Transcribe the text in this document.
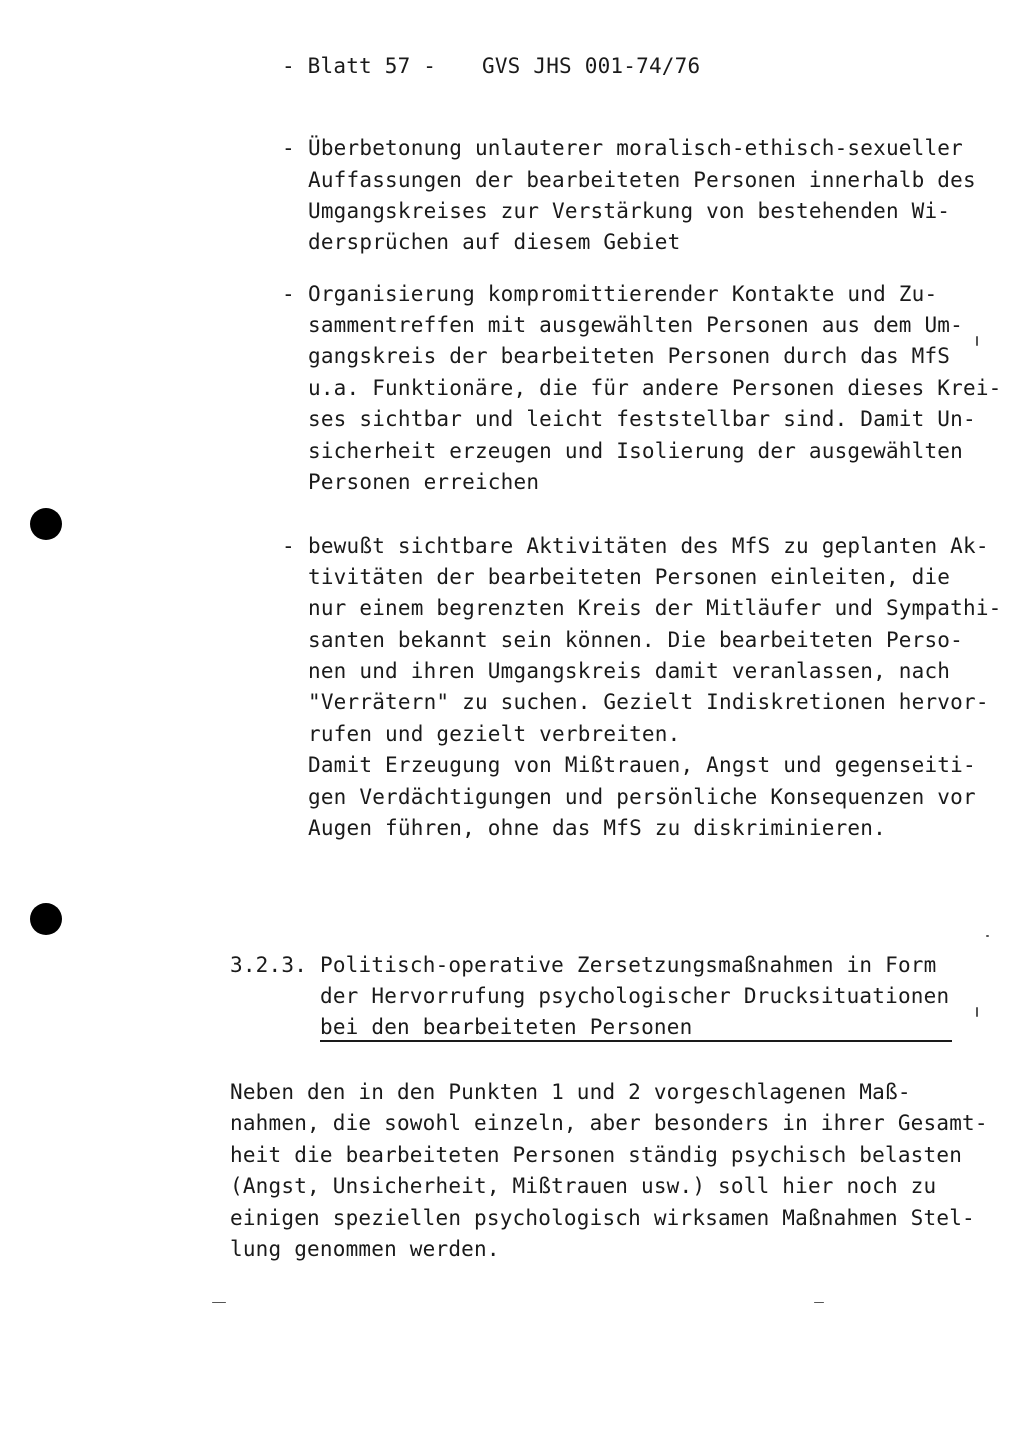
- Blatt 57 - GVS JHS 001-74/76
- Überbetonung unlauterer moralisch-ethisch-sexueller
Auffassungen der bearbeiteten Personen innerhalb des
Umgangskreises zur Verstärkung von bestehenden Wi-
dersprüchen auf diesem Gebiet
- Organisierung kompromittierender Kontakte und Zu-
sammentreffen mit ausgewählten Personen aus dem Um-
gangskreis der bearbeiteten Personen durch das MfS
u.a. Funktionäre, die für andere Personen dieses Krei-
ses sichtbar und leicht feststellbar sind. Damit Un-
sicherheit erzeugen und Isolierung der ausgewählten
Personen erreichen
- bewußt sichtbare Aktivitäten des MfS zu geplanten Ak-
tivitäten der bearbeiteten Personen einleiten, die
nur einem begrenzten Kreis der Mitläufer und Sympathi-
santen bekannt sein können. Die bearbeiteten Perso-
nen und ihren Umgangskreis damit veranlassen, nach
"Verrätern" zu suchen. Gezielt Indiskretionen hervor-
rufen und gezielt verbreiten.
Damit Erzeugung von Mißtrauen, Angst und gegenseiti-
gen Verdächtigungen und persönliche Konsequenzen vor
Augen führen, ohne das MfS zu diskriminieren.
3.2.3. Politisch-operative Zersetzungsmaßnahmen in Form
der Hervorrufung psychologischer Drucksituationen
bei den bearbeiteten Personen
Neben den in den Punkten 1 und 2 vorgeschlagenen Maß-
nahmen, die sowohl einzeln, aber besonders in ihrer Gesamt-
heit die bearbeiteten Personen ständig psychisch belasten
(Angst, Unsicherheit, Mißtrauen usw.) soll hier noch zu
einigen speziellen psychologisch wirksamen Maßnahmen Stel-
lung genommen werden.
